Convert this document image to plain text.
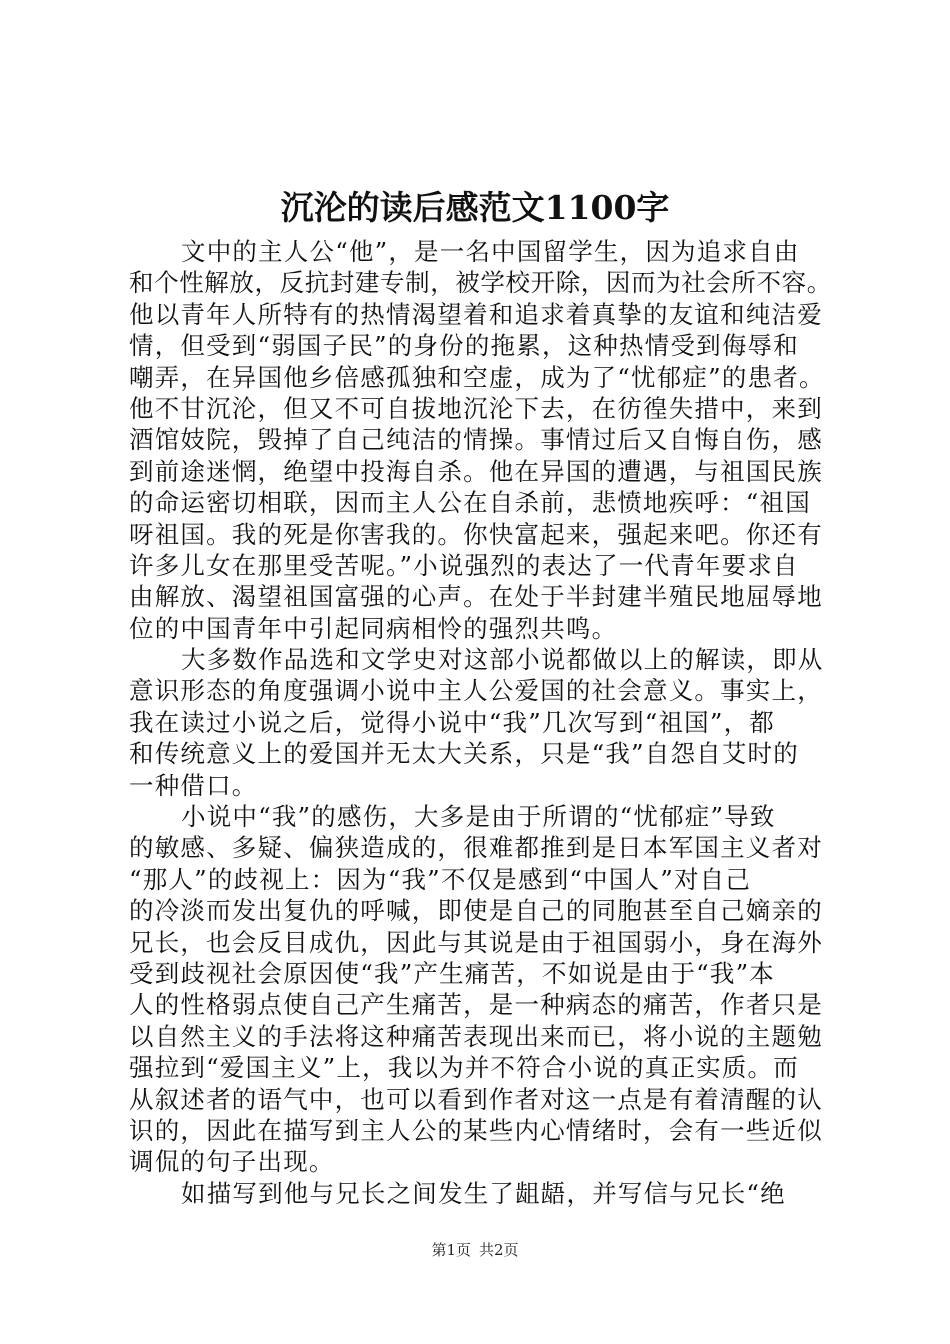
沉沦的读后感范文1100字
文中的主人公“他”，是一名中国留学生，因为追求自由
和个性解放，反抗封建专制，被学校开除，因而为社会所不容。
他以青年人所特有的热情渴望着和追求着真挚的友谊和纯洁爱
情，但受到“弱国子民”的身份的拖累，这种热情受到侮辱和
嘲弄，在异国他乡倍感孤独和空虚，成为了“忧郁症”的患者。
他不甘沉沦，但又不可自拔地沉沦下去，在彷徨失措中，来到
酒馆妓院，毁掉了自己纯洁的情操。事情过后又自悔自伤，感
到前途迷惘，绝望中投海自杀。他在异国的遭遇，与祖国民族
的命运密切相联，因而主人公在自杀前，悲愤地疾呼：“祖国
呀祖国。我的死是你害我的。你快富起来，强起来吧。你还有
许多儿女在那里受苦呢。”小说强烈的表达了一代青年要求自
由解放、渴望祖国富强的心声。在处于半封建半殖民地屈辱地
位的中国青年中引起同病相怜的强烈共鸣。
大多数作品选和文学史对这部小说都做以上的解读，即从
意识形态的角度强调小说中主人公爱国的社会意义。事实上，
我在读过小说之后，觉得小说中“我”几次写到“祖国”，都
和传统意义上的爱国并无太大关系，只是“我”自怨自艾时的
一种借口。
小说中“我”的感伤，大多是由于所谓的“忧郁症”导致
的敏感、多疑、偏狭造成的，很难都推到是日本军国主义者对
“那人”的歧视上：因为“我”不仅是感到“中国人”对自己
的冷淡而发出复仇的呼喊，即使是自己的同胞甚至自己嫡亲的
兄长，也会反目成仇，因此与其说是由于祖国弱小，身在海外
受到歧视社会原因使“我”产生痛苦，不如说是由于“我”本
人的性格弱点使自己产生痛苦，是一种病态的痛苦，作者只是
以自然主义的手法将这种痛苦表现出来而已，将小说的主题勉
强拉到“爱国主义”上，我以为并不符合小说的真正实质。而
从叙述者的语气中，也可以看到作者对这一点是有着清醒的认
识的，因此在描写到主人公的某些内心情绪时，会有一些近似
调侃的句子出现。
如描写到他与兄长之间发生了龃龉，并写信与兄长“绝
第1页 共2页
